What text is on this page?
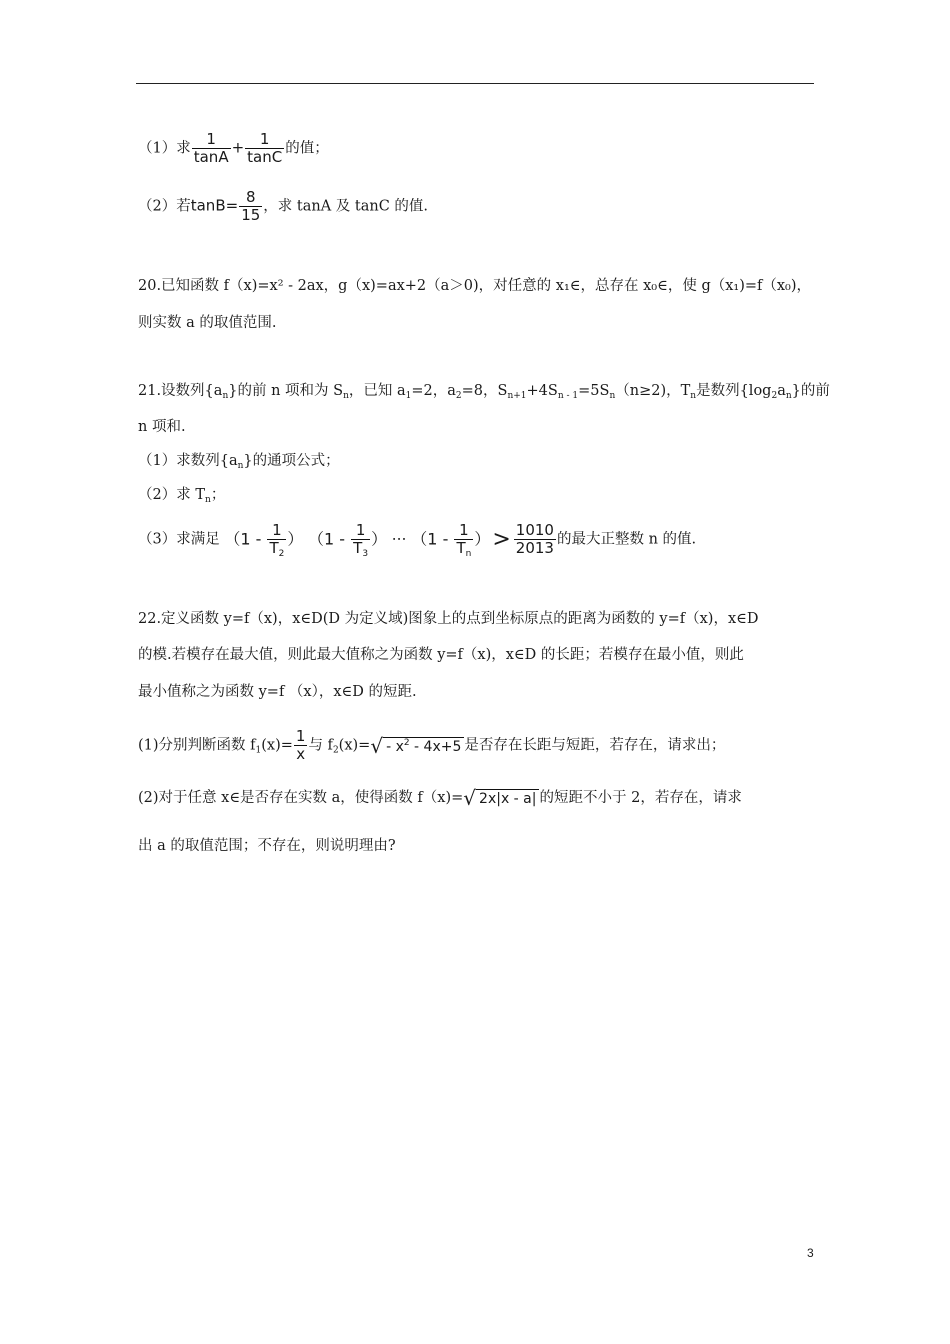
（1）求 $\frac{1}{\tan A} + \frac{1}{\tan C}$ 的值；
（2）若$\tan B= \frac{8}{15}$ ，求 tanA 及 tanC 的值.
20.已知函数 f（x)=x² - 2ax，g（x)=ax+2（a＞0)，对任意的 x₁∈，总存在 x₀∈，使 g（x₁)=f（x₀)，
则实数 a 的取值范围.
21.设数列$\{a_n\}$的前 n 项和为 $S_n$，已知 $a_1=2$，$a_2=8$，$S_{n+1}+4S_{n - 1}=5S_n(n\ge 2)$，$T_n$是数列$\{\log_2a_n\}$的前
n 项和.
（1）求数列$\{a_n\}$的通项公式；
（2）求 $T_n$；
（3）求满足 （$1 - \frac{1}{T_2}$ ） （$1 - \frac{1}{T_3}$ ） ⋯ （$1 - \frac{1}{T_n}$ ）> $\frac{1010}{2013}$ 的最大正整数 n 的值.
22.定义函数 y=f（x)，x∈D(D 为定义域)图象上的点到坐标原点的距离为函数的 y=f（x)，x∈D
的模.若模存在最大值，则此最大值称之为函数 y=f（x)，x∈D 的长距；若模存在最小值，则此
最小值称之为函数 y=f （x），x∈D 的短距.
(1)分别判断函数 $f_1(x)= \frac{1}{x}$ 与 $f_2(x)=$ √ - $x^2 - 4x+5$ 是否存在长距与短距，若存在，请求出；
(2)对于任意 x∈是否存在实数 a，使得函数 f（x)= √ 2x|x - a| 的短距不小于 2，若存在，请求
出 a 的取值范围；不存在，则说明理由?
3
